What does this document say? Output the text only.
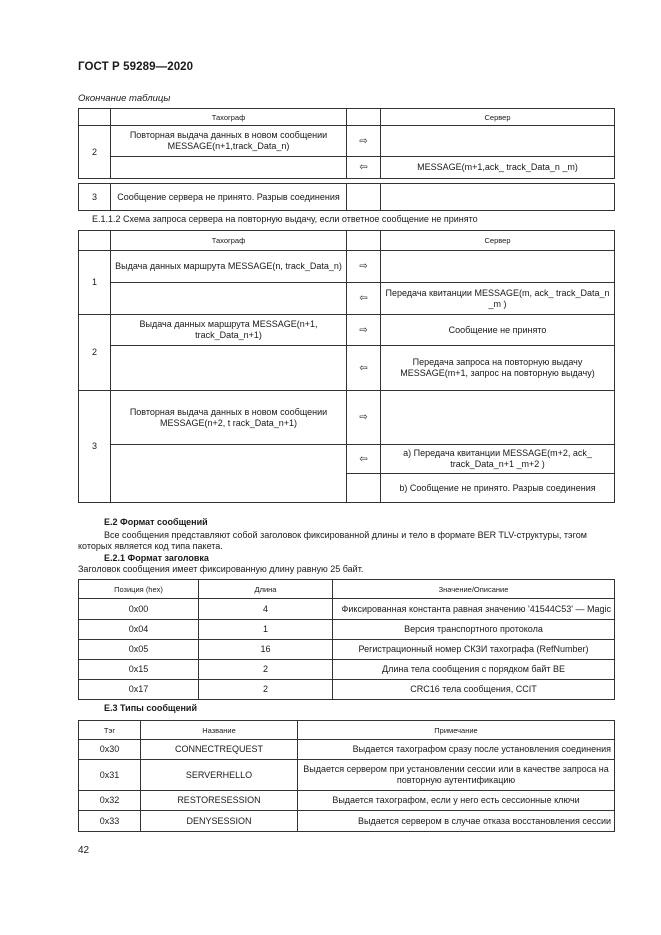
ГОСТ Р 59289—2020
Окончание таблицы
	Тахограф		Сервер
2	Повторная выдача данных в новом сообщении MESSAGE(n+1,track_Data_n)	⇨	
		⇦	MESSAGE(m+1,ack_ track_Data_n _m)

3	Сообщение сервера не принято. Разрыв соединения		
E.1.1.2 Схема запроса сервера на повторную выдачу, если ответное сообщение не принято
	Тахограф		Сервер
1	Выдача данных маршрута MESSAGE(n, track_Data_n)	⇨	
		⇦	Передача квитанции MESSAGE(m, ack_ track_Data_n _m )
2	Выдача данных маршрута MESSAGE(n+1, track_Data_n+1)	⇨	Сообщение не принято
		⇦	Передача запроса на повторную выдачу MESSAGE(m+1, запрос на повторную выдачу)
3	Повторная выдача данных в новом сообщении MESSAGE(n+2, t rack_Data_n+1)	⇨	
		⇦	а) Передача квитанции MESSAGE(m+2, ack_ track_Data_n+1 _m+2 )
			b) Сообщение не принято. Разрыв соединения
E.2 Формат сообщений
Все сообщения представляют собой заголовок фиксированной длины и тело в формате BER TLV-структуры, тэгом которых является код типа пакета.
E.2.1 Формат заголовка
Заголовок сообщения имеет фиксированную длину равную 25 байт.
Позиция (hex)	Длина	Значение/Описание
0x00	4	Фиксированная константа равная значению '41544C53' — Magic
0x04	1	Версия транспортного протокола
0x05	16	Регистрационный номер СКЗИ тахографа (RefNumber)
0x15	2	Длина тела сообщения с порядком байт BE
0x17	2	CRC16 тела сообщения, CCIT
E.3 Типы сообщений
Тэг	Название	Примечание
0x30	CONNECTREQUEST	Выдается тахографом сразу после установления соединения
0x31	SERVERHELLO	Выдается сервером при установлении сессии или в качестве запроса на повторную аутентификацию
0x32	RESTORESESSION	Выдается тахографом, если у него есть сессионные ключи
0x33	DENYSESSION	Выдается сервером в случае отказа восстановления сессии
42
